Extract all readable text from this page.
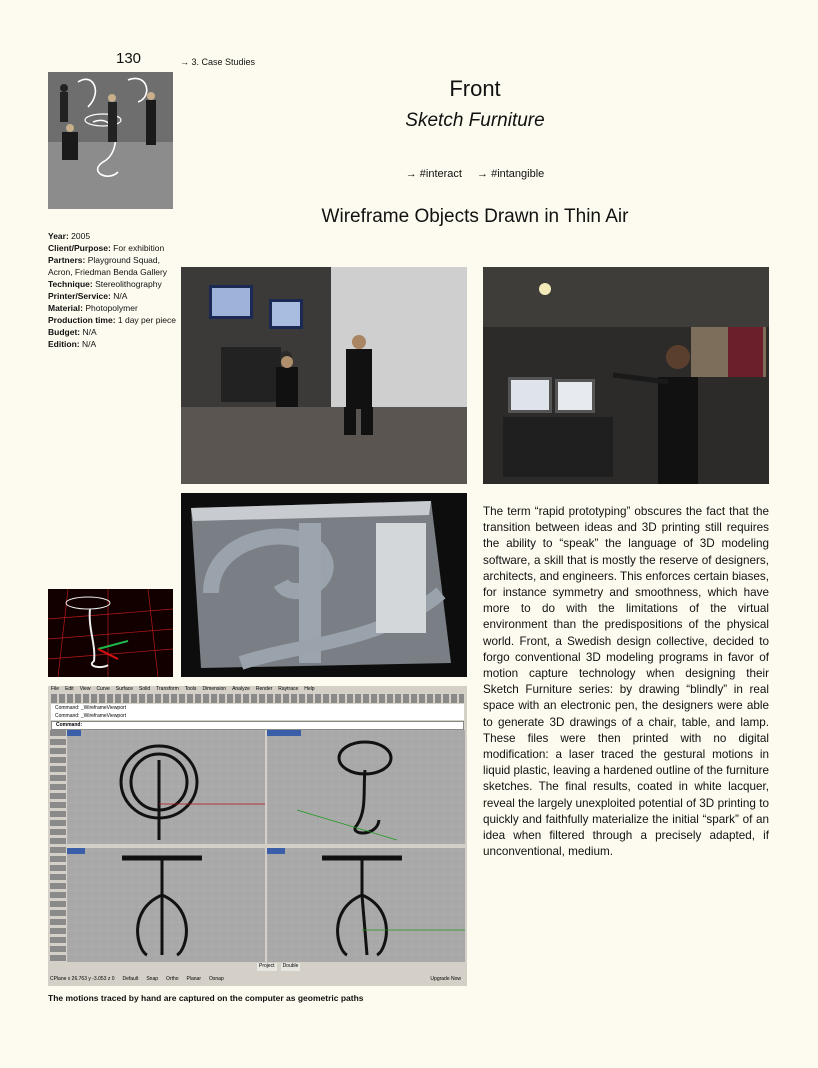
130	→ 3. Case Studies
Front
Sketch Furniture
→ #interact → #intangible
Wireframe Objects Drawn in Thin Air
Year: 2005
Client/Purpose: For exhibition
Partners: Playground Squad, Acron, Friedman Benda Gallery
Technique: Stereolithography
Printer/Service: N/A
Material: Photopolymer
Production time: 1 day per piece
Budget: N/A
Edition: N/A
File Edit View Curve Surface Solid Transform Tools Dimension Analyze Render Raytrace Help
Command: _WireframeViewport
Command: _WireframeViewport
Command:
Project	Double
CPlane x 26.763 y -3.053 z 0 Default Snap Ortho Planar Osnap	Upgrade Now
The term “rapid prototyping” obscures the fact that the transition between ideas and 3D printing still requires the ability to “speak” the language of 3D modeling software, a skill that is mostly the reserve of designers, architects, and engineers. This enforces certain biases, for instance symmetry and smoothness, which have more to do with the limitations of the virtual environment than the predispositions of the physical world. Front, a Swedish design collective, decided to forgo conventional 3D modeling programs in favor of motion capture technology when designing their Sketch Furniture series: by drawing “blindly” in real space with an electronic pen, the designers were able to generate 3D drawings of a chair, table, and lamp. These files were then printed with no digital modification: a laser traced the gestural motions in liquid plastic, leaving a hardened outline of the furniture sketches. The final results, coated in white lacquer, reveal the largely unexploited potential of 3D printing to quickly and faithfully materialize the initial “spark” of an idea when filtered through a precisely adapted, if unconventional, medium.
The motions traced by hand are captured on the computer as geometric paths
